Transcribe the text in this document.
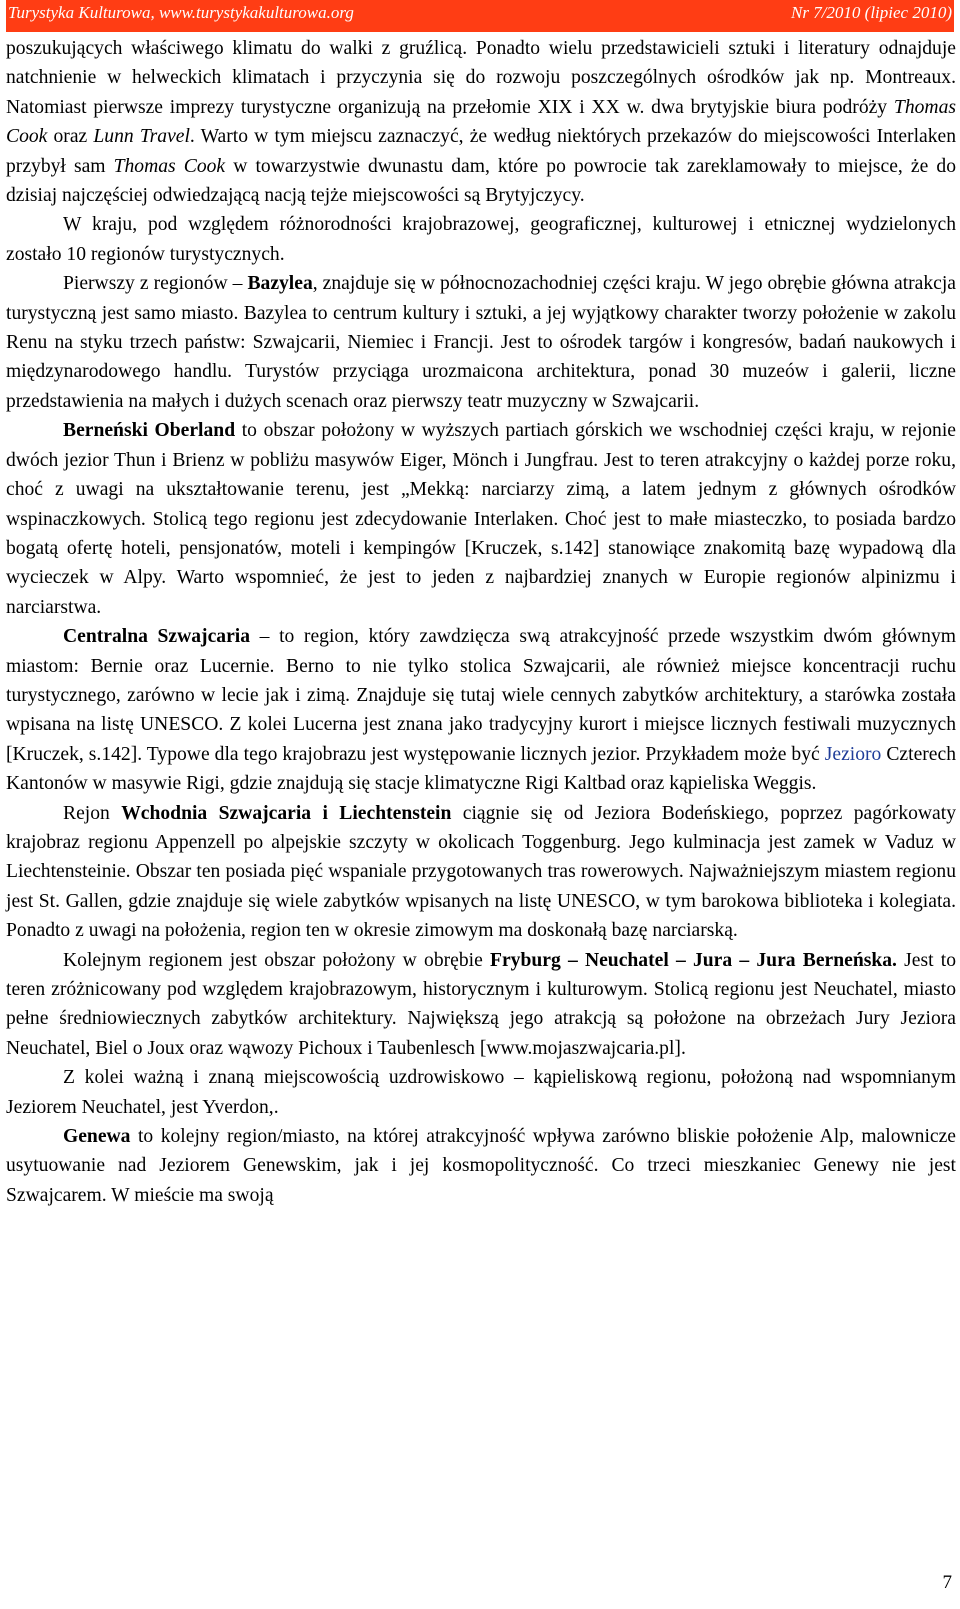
Turystyka Kulturowa, www.turystykakulturowa.org	Nr 7/2010 (lipiec 2010)

poszukujących właściwego klimatu do walki z gruźlicą. Ponadto wielu przedstawicieli sztuki i literatury odnajduje natchnienie w helweckich klimatach i przyczynia się do rozwoju poszczególnych ośrodków jak np. Montreaux. Natomiast pierwsze imprezy turystyczne organizują na przełomie XIX i XX w. dwa brytyjskie biura podróży Thomas Cook oraz Lunn Travel. Warto w tym miejscu zaznaczyć, że według niektórych przekazów do miejscowości Interlaken przybył sam Thomas Cook w towarzystwie dwunastu dam, które po powrocie tak zareklamowały to miejsce, że do dzisiaj najczęściej odwiedzającą nacją tejże miejscowości są Brytyjczycy.

W kraju, pod względem różnorodności krajobrazowej, geograficznej, kulturowej i etnicznej wydzielonych zostało 10 regionów turystycznych.

Pierwszy z regionów – Bazylea, znajduje się w północnozachodniej części kraju. W jego obrębie główna atrakcja turystyczną jest samo miasto. Bazylea to centrum kultury i sztuki, a jej wyjątkowy charakter tworzy położenie w zakolu Renu na styku trzech państw: Szwajcarii, Niemiec i Francji. Jest to ośrodek targów i kongresów, badań naukowych i międzynarodowego handlu. Turystów przyciąga urozmaicona architektura, ponad 30 muzeów i galerii, liczne przedstawienia na małych i dużych scenach oraz pierwszy teatr muzyczny w Szwajcarii.

Berneński Oberland to obszar położony w wyższych partiach górskich we wschodniej części kraju, w rejonie dwóch jezior Thun i Brienz w pobliżu masywów Eiger, Mönch i Jungfrau. Jest to teren atrakcyjny o każdej porze roku, choć z uwagi na ukształtowanie terenu, jest „Mekką: narciarzy zimą, a latem jednym z głównych ośrodków wspinaczkowych. Stolicą tego regionu jest zdecydowanie Interlaken. Choć jest to małe miasteczko, to posiada bardzo bogatą ofertę hoteli, pensjonatów, moteli i kempingów [Kruczek, s.142] stanowiące znakomitą bazę wypadową dla wycieczek w Alpy. Warto wspomnieć, że jest to jeden z najbardziej znanych w Europie regionów alpinizmu i narciarstwa.

Centralna Szwajcaria – to region, który zawdzięcza swą atrakcyjność przede wszystkim dwóm głównym miastom: Bernie oraz Lucernie. Berno to nie tylko stolica Szwajcarii, ale również miejsce koncentracji ruchu turystycznego, zarówno w lecie jak i zimą. Znajduje się tutaj wiele cennych zabytków architektury, a starówka została wpisana na listę UNESCO. Z kolei Lucerna jest znana jako tradycyjny kurort i miejsce licznych festiwali muzycznych [Kruczek, s.142]. Typowe dla tego krajobrazu jest występowanie licznych jezior. Przykładem może być Jezioro Czterech Kantonów w masywie Rigi, gdzie znajdują się stacje klimatyczne Rigi Kaltbad oraz kąpieliska Weggis.

Rejon Wchodnia Szwajcaria i Liechtenstein ciągnie się od Jeziora Bodeńskiego, poprzez pagórkowaty krajobraz regionu Appenzell po alpejskie szczyty w okolicach Toggenburg. Jego kulminacja jest zamek w Vaduz w Liechtensteinie. Obszar ten posiada pięć wspaniale przygotowanych tras rowerowych. Najważniejszym miastem regionu jest St. Gallen, gdzie znajduje się wiele zabytków wpisanych na listę UNESCO, w tym barokowa biblioteka i kolegiata. Ponadto z uwagi na położenia, region ten w okresie zimowym ma doskonałą bazę narciarską.

Kolejnym regionem jest obszar położony w obrębie Fryburg – Neuchatel – Jura – Jura Berneńska. Jest to teren zróżnicowany pod względem krajobrazowym, historycznym i kulturowym. Stolicą regionu jest Neuchatel, miasto pełne średniowiecznych zabytków architektury. Największą jego atrakcją są położone na obrzeżach Jury Jeziora Neuchatel, Biel o Joux oraz wąwozy Pichoux i Taubenlesch [www.mojaszwajcaria.pl].

Z kolei ważną i znaną miejscowością uzdrowiskowo – kąpieliskową regionu, położoną nad wspomnianym Jeziorem Neuchatel, jest Yverdon,.

Genewa to kolejny region/miasto, na której atrakcyjność wpływa zarówno bliskie położenie Alp, malowniczе usytuowanie nad Jeziorem Genewskim, jak i jej kosmopolityczność. Co trzeci mieszkaniec Genewy nie jest Szwajcarem. W mieście ma swoją

7
